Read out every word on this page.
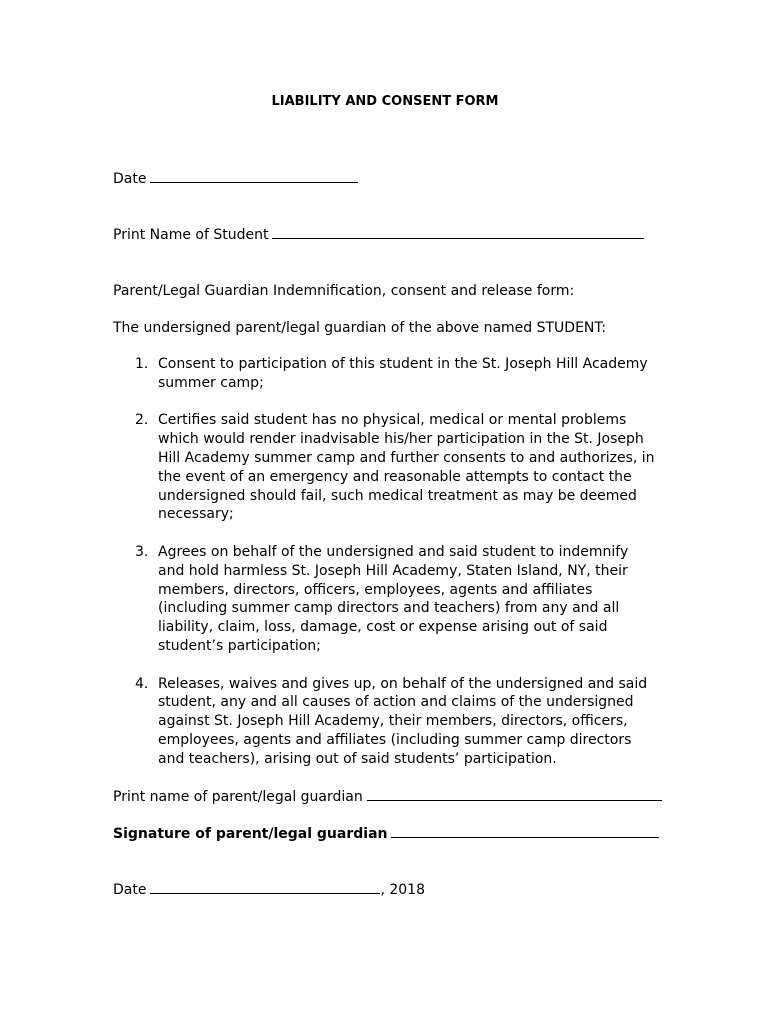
LIABILITY AND CONSENT FORM
Date
Print Name of Student
Parent/Legal Guardian Indemnification, consent and release form:
The undersigned parent/legal guardian of the above named STUDENT:
1. Consent to participation of this student in the St. Joseph Hill Academy summer camp;
2. Certifies said student has no physical, medical or mental problems which would render inadvisable his/her participation in the St. Joseph Hill Academy summer camp and further consents to and authorizes, in the event of an emergency and reasonable attempts to contact the undersigned should fail, such medical treatment as may be deemed necessary;
3. Agrees on behalf of the undersigned and said student to indemnify and hold harmless St. Joseph Hill Academy, Staten Island, NY, their members, directors, officers, employees, agents and affiliates (including summer camp directors and teachers) from any and all liability, claim, loss, damage, cost or expense arising out of said student’s participation;
4. Releases, waives and gives up, on behalf of the undersigned and said student, any and all causes of action and claims of the undersigned against St. Joseph Hill Academy, their members, directors, officers, employees, agents and affiliates (including summer camp directors and teachers), arising out of said students’ participation.
Print name of parent/legal guardian
Signature of parent/legal guardian
Date	, 2018
